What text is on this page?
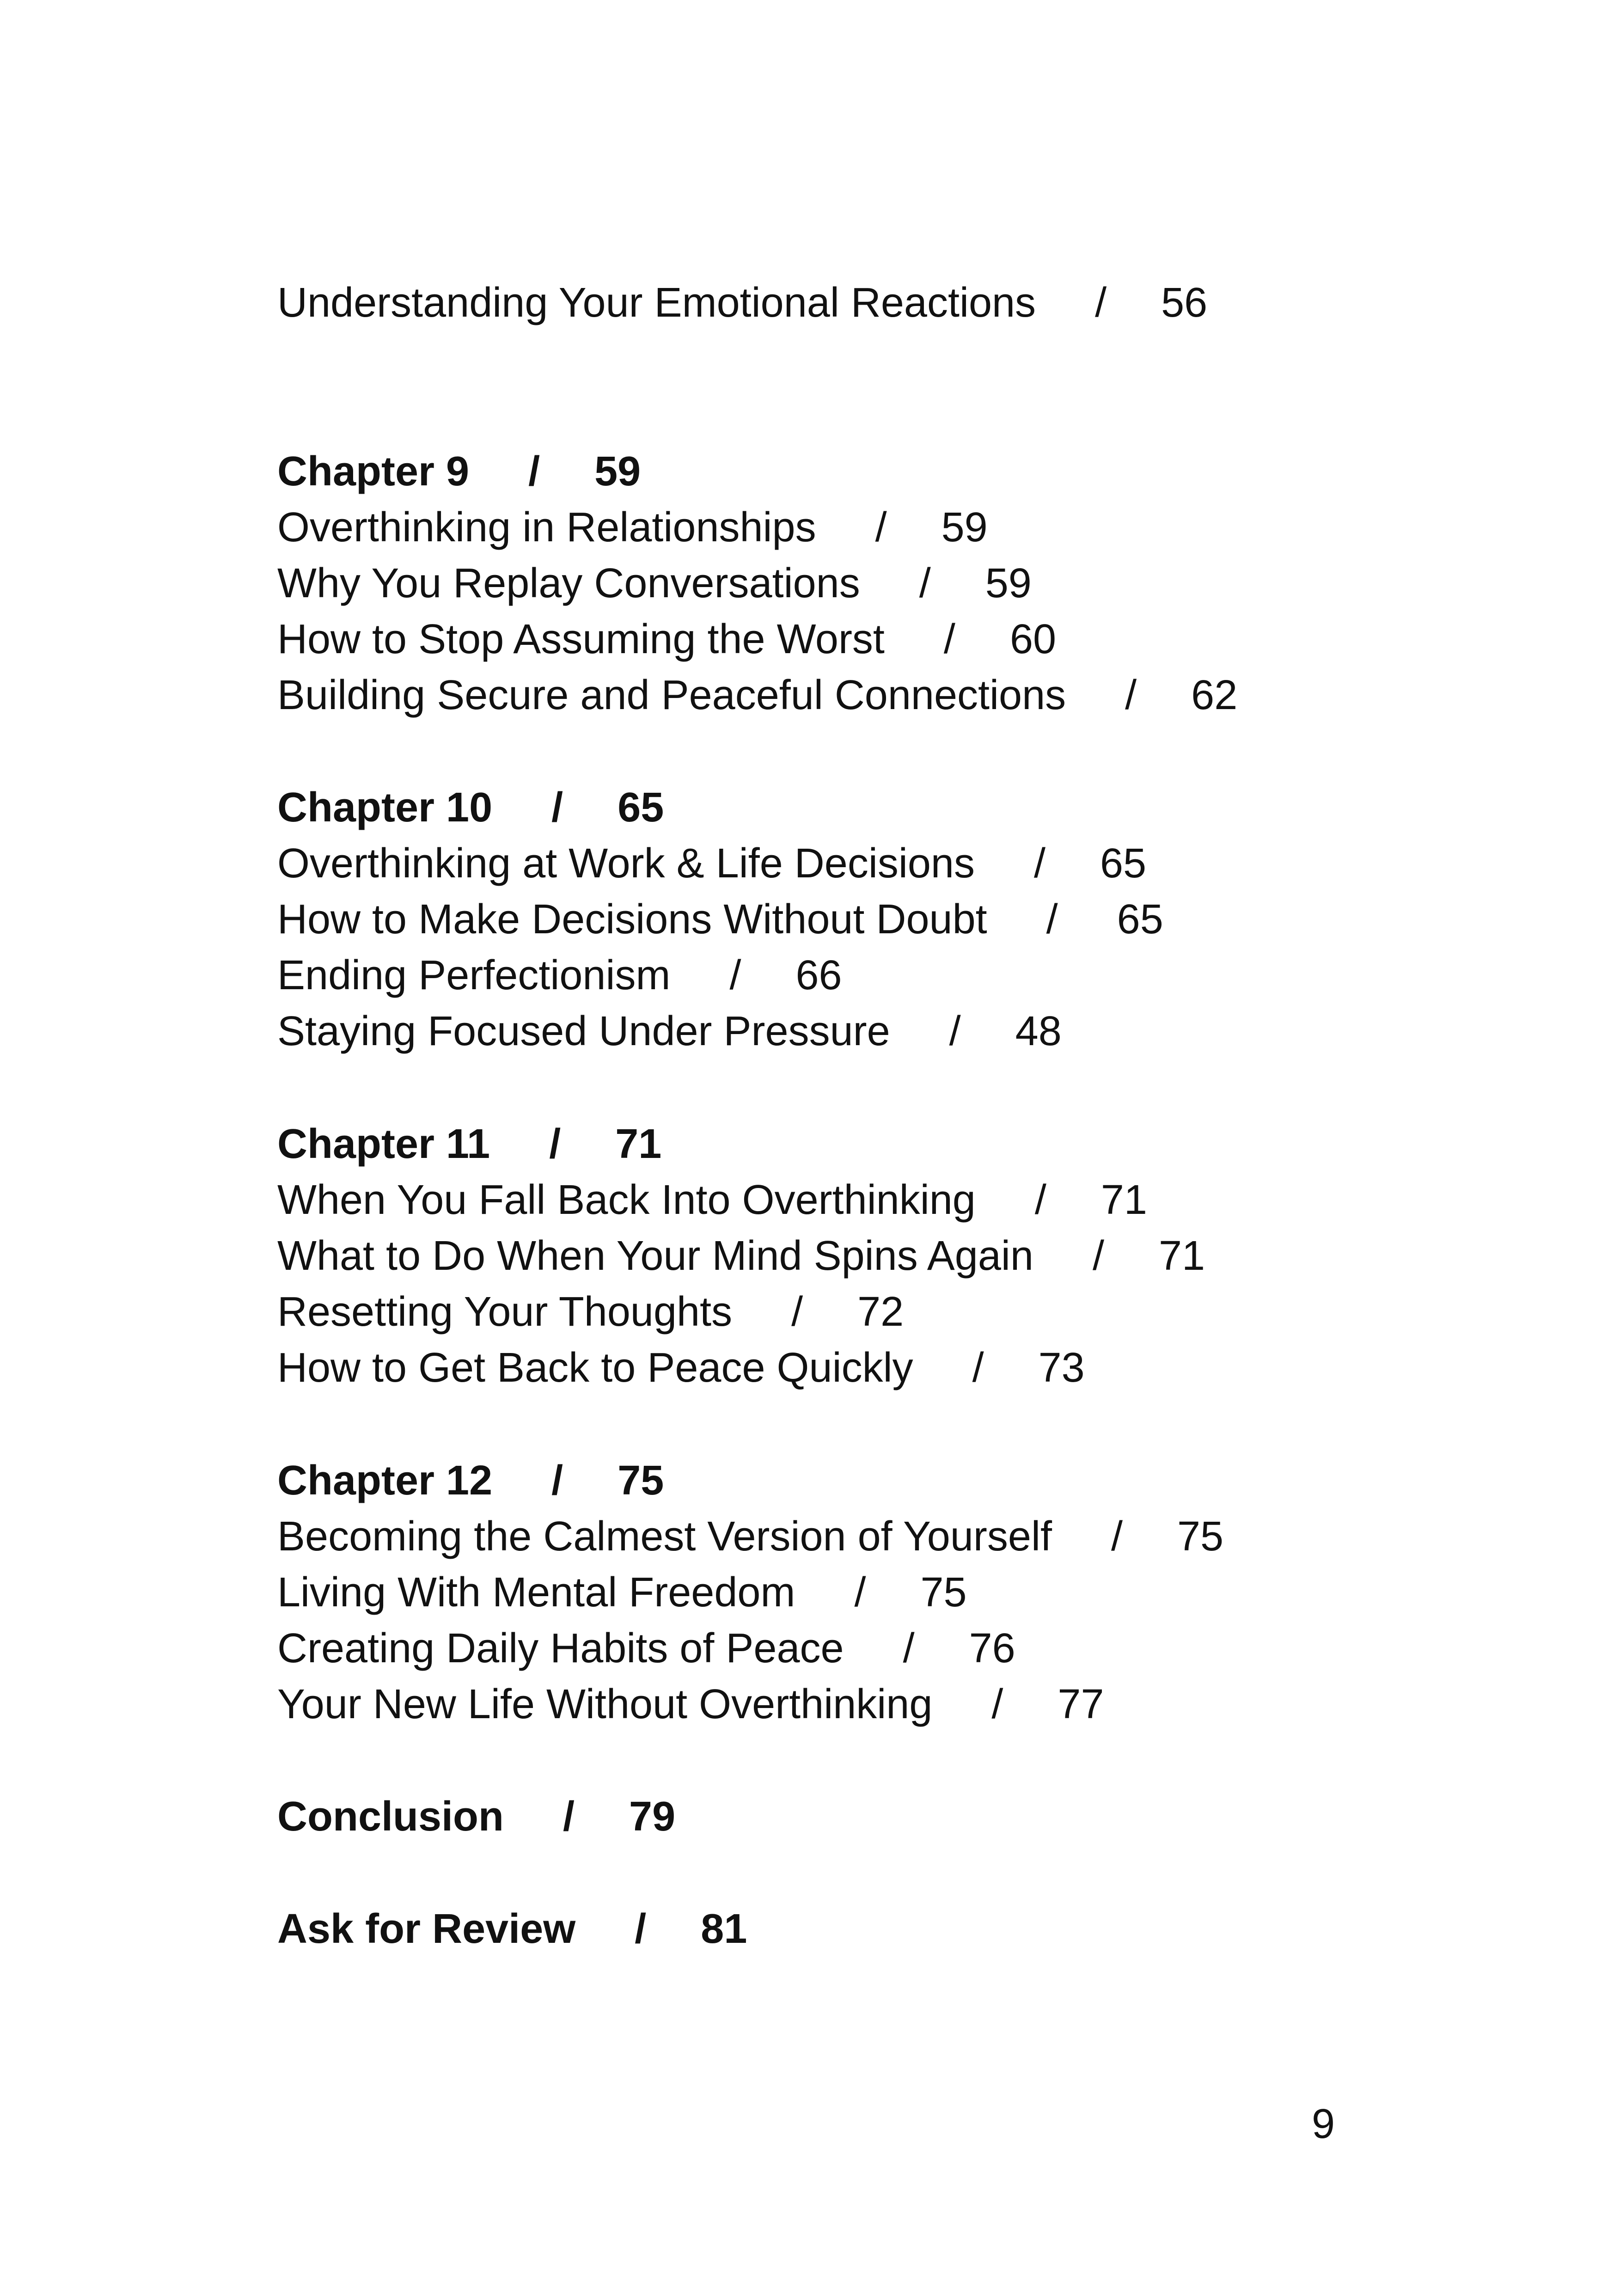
Understanding Your Emotional Reactions / 56
Chapter 9 / 59
Overthinking in Relationships / 59
Why You Replay Conversations / 59
How to Stop Assuming the Worst / 60
Building Secure and Peaceful Connections / 62
Chapter 10 / 65
Overthinking at Work & Life Decisions / 65
How to Make Decisions Without Doubt / 65
Ending Perfectionism / 66
Staying Focused Under Pressure / 48
Chapter 11 / 71
When You Fall Back Into Overthinking / 71
What to Do When Your Mind Spins Again / 71
Resetting Your Thoughts / 72
How to Get Back to Peace Quickly / 73
Chapter 12 / 75
Becoming the Calmest Version of Yourself / 75
Living With Mental Freedom / 75
Creating Daily Habits of Peace / 76
Your New Life Without Overthinking / 77
Conclusion / 79
Ask for Review / 81
9
